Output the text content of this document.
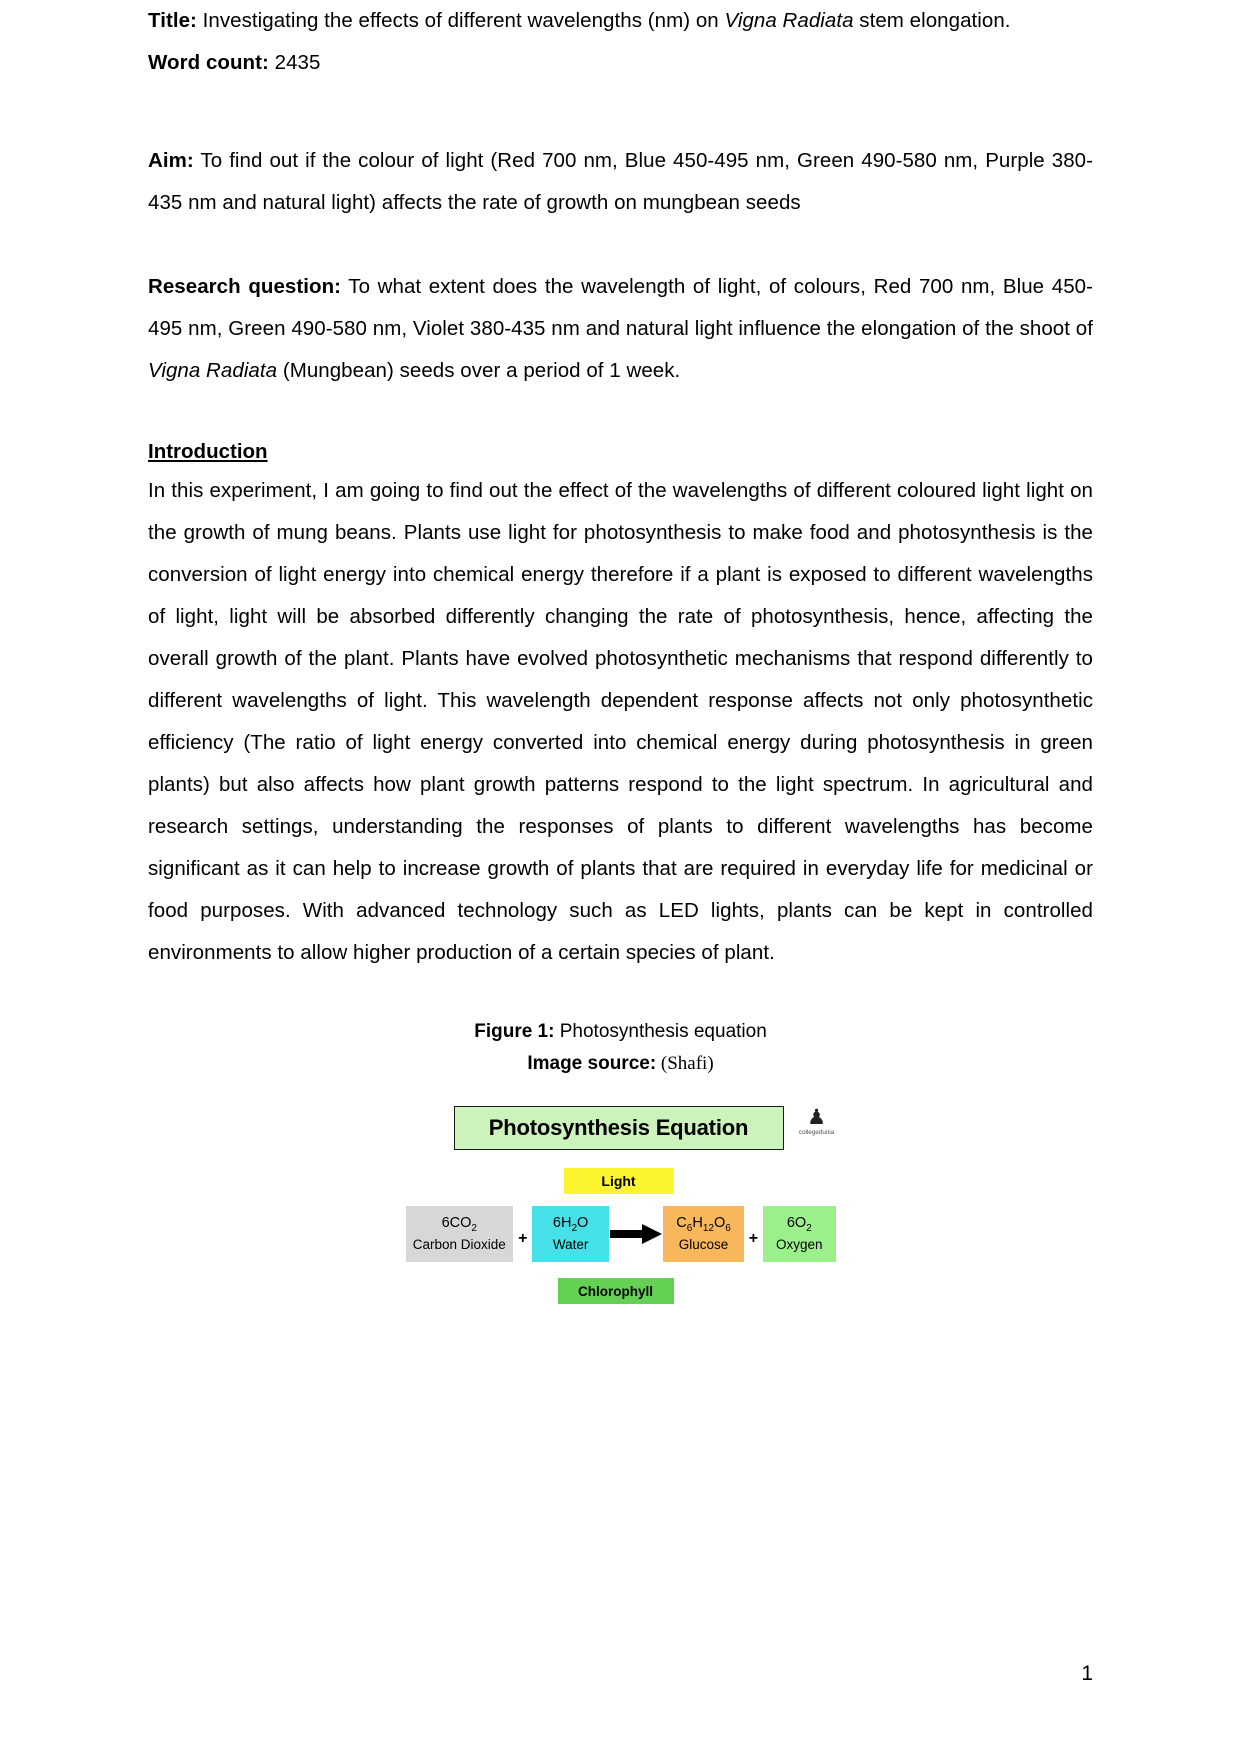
Title: Investigating the effects of different wavelengths (nm) on Vigna Radiata stem elongation.

Word count: 2435

Aim: To find out if the colour of light (Red 700 nm, Blue 450-495 nm, Green 490-580 nm, Purple 380-435 nm and natural light) affects the rate of growth on mungbean seeds

Research question: To what extent does the wavelength of light, of colours, Red 700 nm, Blue 450-495 nm, Green 490-580 nm, Violet 380-435 nm and natural light influence the elongation of the shoot of Vigna Radiata (Mungbean) seeds over a period of 1 week.

Introduction

In this experiment, I am going to find out the effect of the wavelengths of different coloured light light on the growth of mung beans. Plants use light for photosynthesis to make food and photosynthesis is the conversion of light energy into chemical energy therefore if a plant is exposed to different wavelengths of light, light will be absorbed differently changing the rate of photosynthesis, hence, affecting the overall growth of the plant. Plants have evolved photosynthetic mechanisms that respond differently to different wavelengths of light. This wavelength dependent response affects not only photosynthetic efficiency (The ratio of light energy converted into chemical energy during photosynthesis in green plants) but also affects how plant growth patterns respond to the light spectrum. In agricultural and research settings, understanding the responses of plants to different wavelengths has become significant as it can help to increase growth of plants that are required in everyday life for medicinal or food purposes. With advanced technology such as LED lights, plants can be kept in controlled environments to allow higher production of a certain species of plant.

Figure 1: Photosynthesis equation

Image source: (Shafi)

Photosynthesis Equation	♟
collegedunia
Light
$6CO_2$
Carbon Dioxide +
$6H_2O$
Water
$C_6H_{12}O_6$
Glucose	+
$6O_2$
Oxygen
Chlorophyll
1
